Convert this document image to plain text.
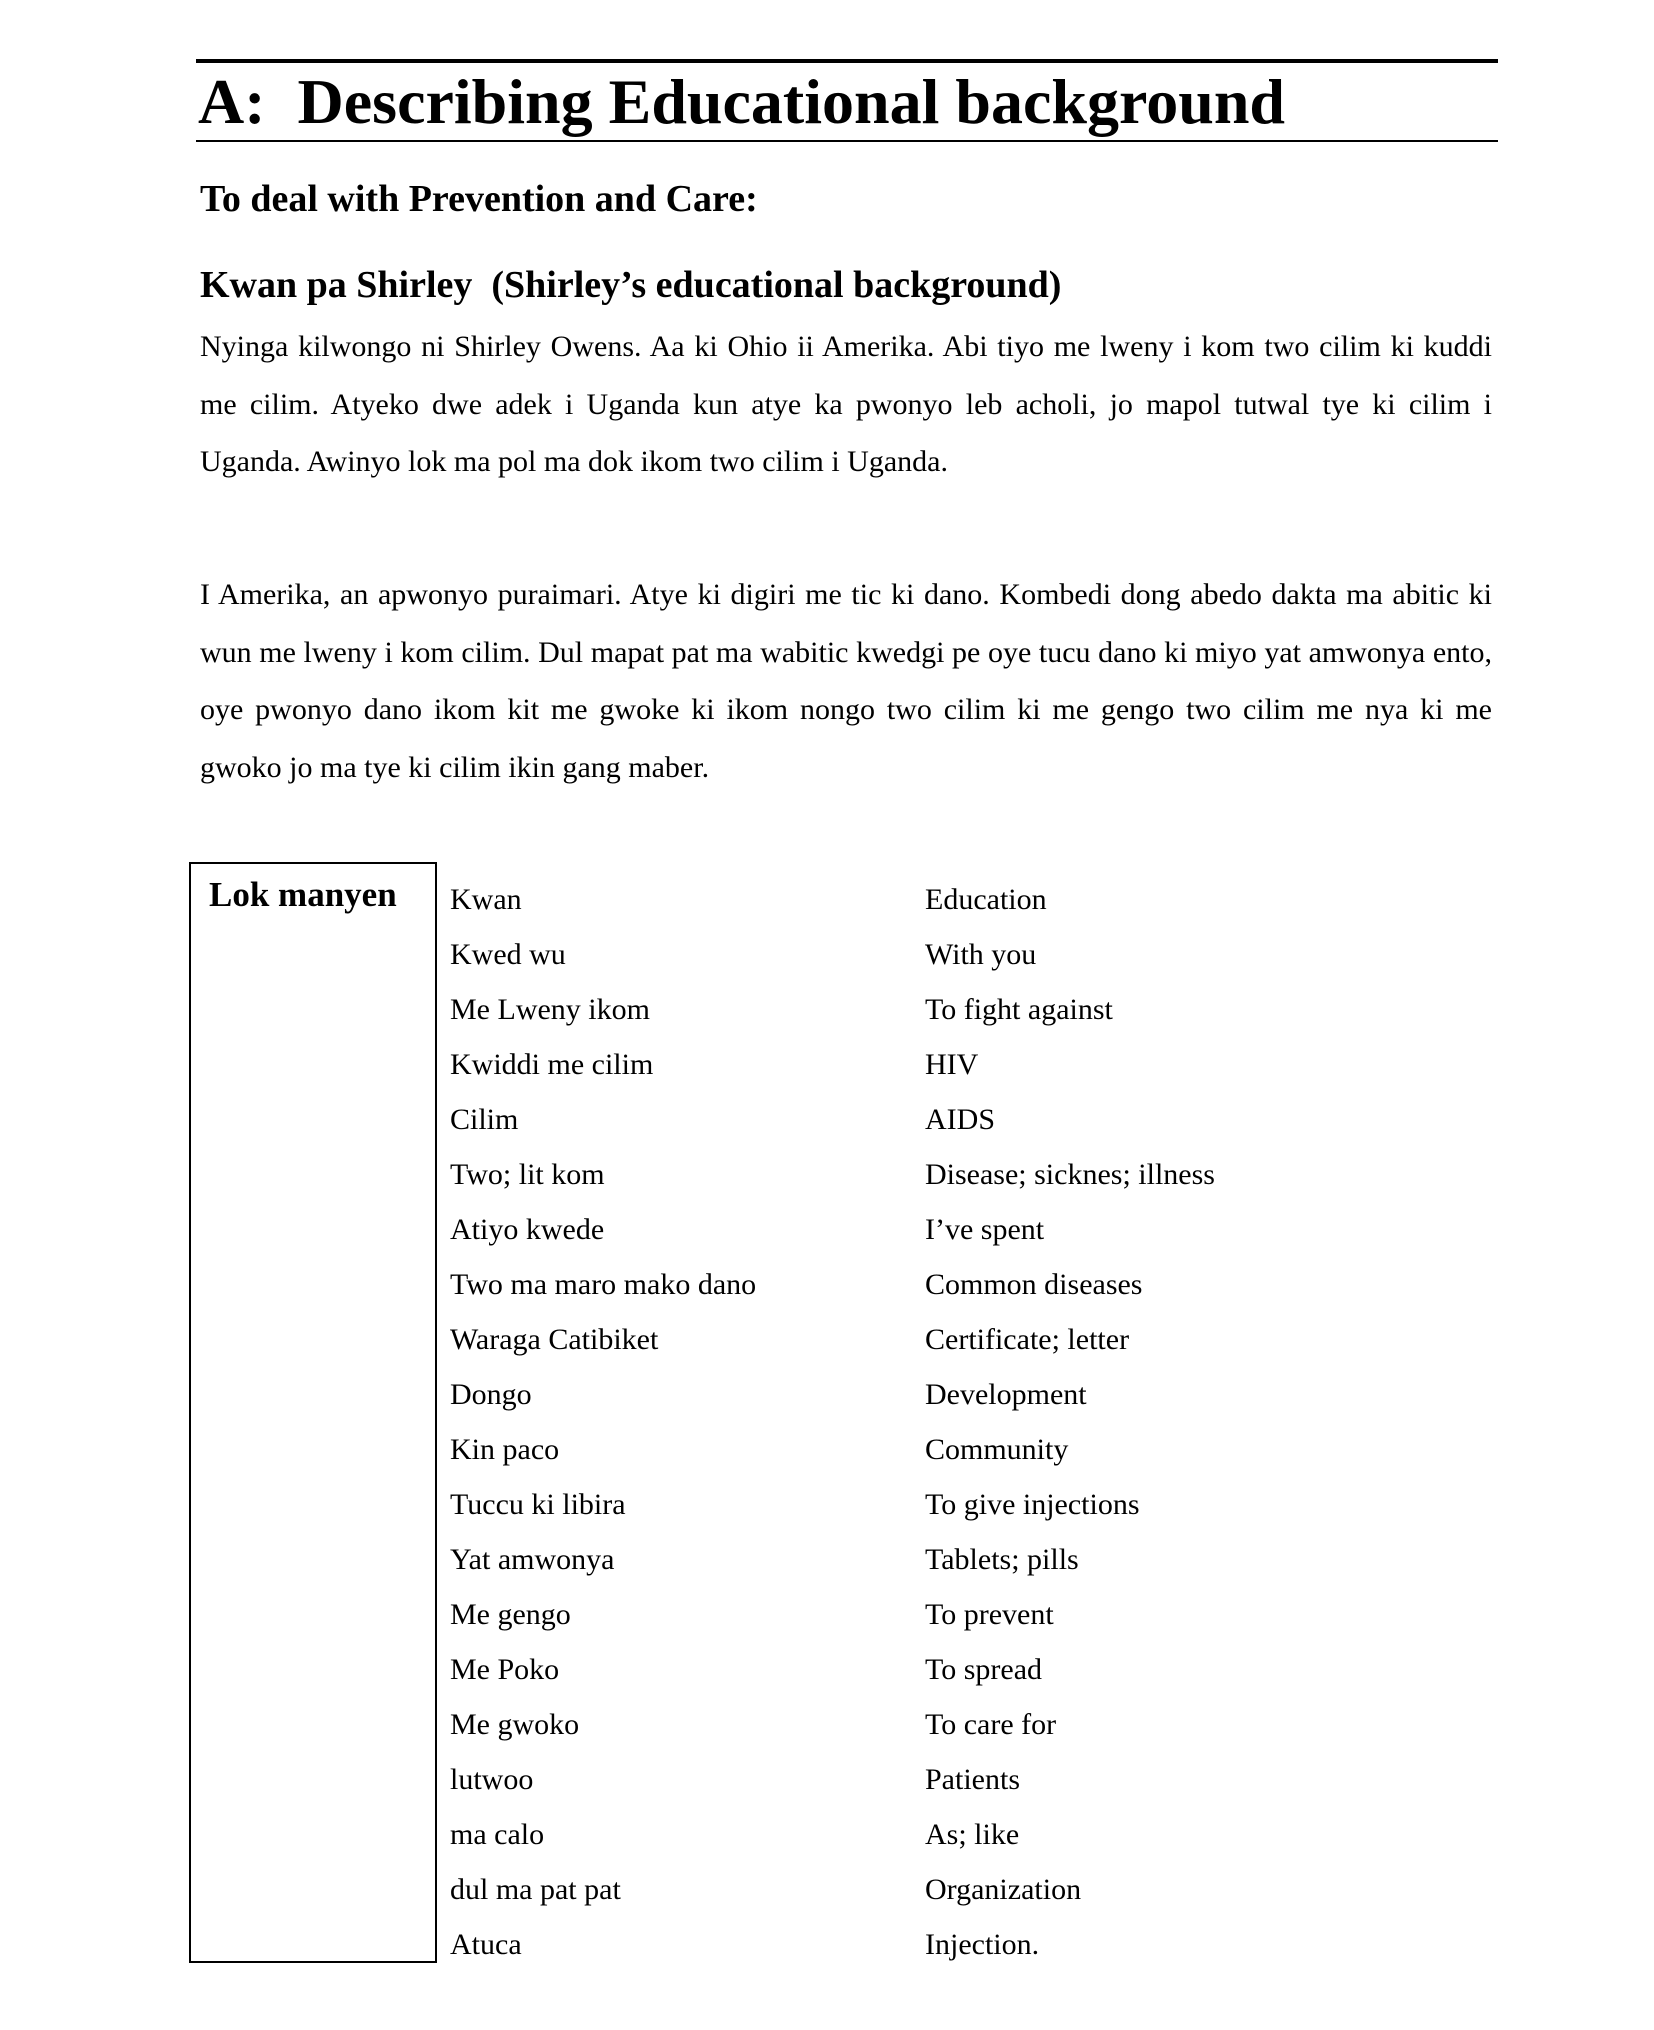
A:  Describing Educational background
To deal with Prevention and Care:
Kwan pa Shirley  (Shirley’s educational background)

Nyinga kilwongo ni Shirley Owens. Aa ki Ohio ii Amerika. Abi tiyo me lweny i kom two cilim ki kuddi me cilim. Atyeko dwe adek i Uganda kun atye ka pwonyo leb acholi, jo mapol tutwal tye ki cilim i Uganda. Awinyo lok ma pol ma dok ikom two cilim i Uganda.

I Amerika, an apwonyo puraimari. Atye ki digiri me tic ki dano. Kombedi dong abedo dakta ma abitic ki wun me lweny i kom cilim. Dul mapat pat ma wabitic kwedgi pe oye tucu dano ki miyo yat amwonya ento, oye pwonyo dano ikom kit me gwoke ki ikom nongo two cilim ki me gengo two cilim me nya ki me gwoko jo ma tye ki cilim ikin gang maber.

Lok manyen Kwan	Education
Kwed wu	With you
Me Lweny ikom	To fight against
Kwiddi me cilim	HIV
Cilim	AIDS
Two; lit kom	Disease; sicknes; illness
Atiyo kwede	I’ve spent
Two ma maro mako dano	Common diseases
Waraga Catibiket	Certificate; letter
Dongo	Development
Kin paco	Community
Tuccu ki libira	To give injections
Yat amwonya	Tablets; pills
Me gengo	To prevent
Me Poko	To spread
Me gwoko	To care for
lutwoo	Patients
ma calo	As; like
dul ma pat pat	Organization
Atuca	Injection.
